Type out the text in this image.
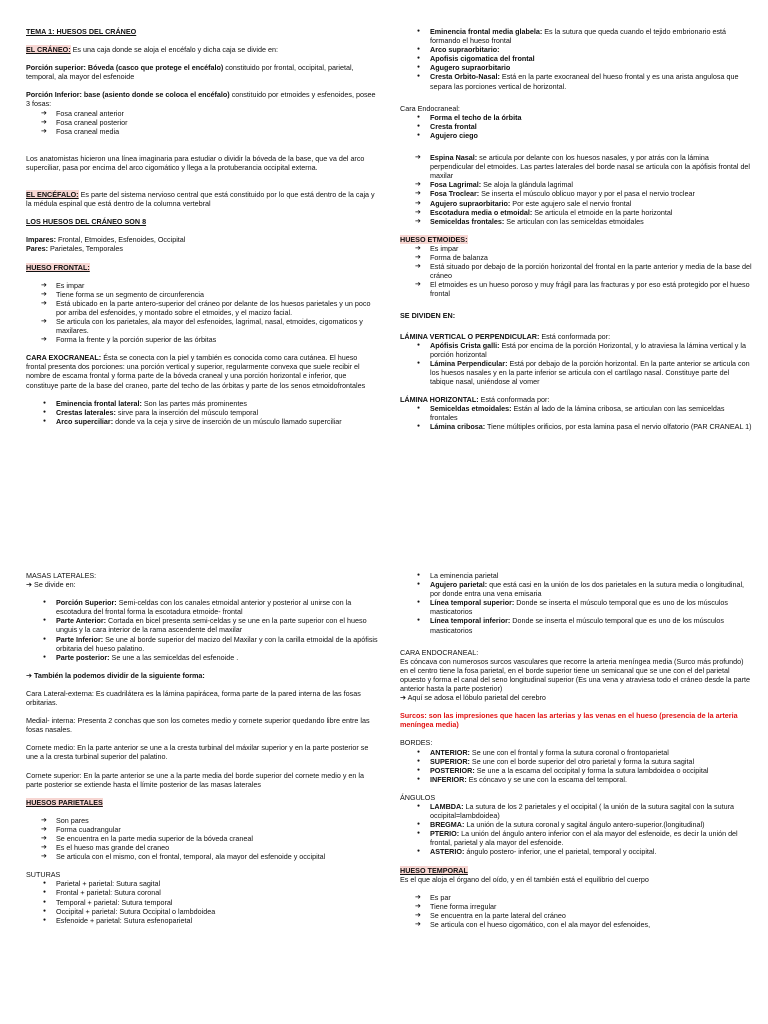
TEMA 1: HUESOS DEL CRÁNEO

EL CRÁNEO: Es una caja donde se aloja el encéfalo y dicha caja se divide en:

Porción superior: Bóveda (casco que protege el encéfalo) constituido por frontal, occipital, parietal, temporal, ala mayor del esfenoide

Porción Inferior: base (asiento donde se coloca el encéfalo) constituido por etmoides y esfenoides, posee 3 fosas:
➔ Fosa craneal anterior
➔ Fosa craneal posterior
➔ Fosa craneal media

Los anatomistas hicieron una línea imaginaria para estudiar o dividir la bóveda de la base, que va del arco superciliar, pasa por encima del arco cigomático y llega a la protuberancia occipital externa.

EL ENCÉFALO: Es parte del sistema nervioso central que está constituido por lo que está dentro de la caja y la médula espinal que está dentro de la columna vertebral

LOS HUESOS DEL CRÁNEO SON 8

Impares: Frontal, Etmoides, Esfenoides, Occipital

Pares: Parietales, Temporales

HUESO FRONTAL:

➔ Es impar
➔ Tiene forma se un segmento de circunferencia
➔ Está ubicado en la parte antero-superior del cráneo por delante de los huesos parietales y un poco por arriba del esfenoides, y montado sobre el etmoides, y el macizo facial.
➔ Se articula con los parietales, ala mayor del esfenoides, lagrimal, nasal, etmoides, cigomaticos y maxilares.
➔ Forma la frente y la porción superior de las órbitas

CARA EXOCRANEAL: Ésta se conecta con la piel y también es conocida como cara cutánea. El hueso frontal presenta dos porciones: una porción vertical y superior, regularmente convexa que suele recibir el nombre de escama frontal y forma parte de la bóveda craneal y una porción horizontal e inferior, que constituye parte de la base del craneo, parte del techo de las órbitas y parte de los senos etmoidofrontales

● Eminencia frontal lateral: Son las partes más prominentes
● Crestas laterales: sirve para la inserción del músculo temporal
● Arco superciliar: donde va la ceja y sirve de inserción de un músculo llamado superciliar
● Eminencia frontal media glabela: Es la sutura que queda cuando el tejido embrionario está formando el hueso frontal
● Arco supraorbitario:
● Apofisis cigomatica del frontal
● Agugero supraorbitario
● Cresta Orbito-Nasal: Está en la parte exocraneal del hueso frontal y es una arista angulosa que separa las porciones vertical de horizontal.
Cara Endocraneal:
● Forma el techo de la órbita
● Cresta frontal
● Agujero ciego
➔ Espina Nasal: se articula por delante con los huesos nasales, y por atrás con la lámina perpendicular del etmoides. Las partes laterales del borde nasal se articula con la apófisis frontal del maxilar
➔ Fosa Lagrimal: Se aloja la glándula lagrimal
➔ Fosa Troclear: Se inserta el músculo oblicuo mayor y por el pasa el nervio troclear
➔ Agujero supraorbitario: Por este agujero sale el nervio frontal
➔ Escotadura media o etmoidal: Se articula el etmoide en la parte horizontal
➔ Semiceldas frontales: Se articulan con las semiceldas etmoidales
HUESO ETMOIDES:
➔ Es impar
➔ Forma de balanza
➔ Está situado por debajo de la porción horizontal del frontal en la parte anterior y media de la base del cráneo
➔ El etmoides es un hueso poroso y muy frágil para las fracturas y por eso está protegido por el hueso frontal

SE DIVIDEN EN:

LÁMINA VERTICAL O PERPENDICULAR: Está conformada por:
● Apófisis Crista galli: Está por encima de la porción Horizontal, y lo atraviesa la lámina vertical y la porción horizontal
● Lámina Perpendicular: Está por debajo de la porción horizontal. En la parte anterior se articula con los huesos nasales y en la parte inferior se articula con el cartílago nasal. Constituye parte del tabique nasal, uniéndose al vomer
LÁMINA HORIZONTAL: Está conformada por:
● Semiceldas etmoidales: Están al lado de la lámina cribosa, se articulan con las semiceldas frontales
● Lámina cribosa: Tiene múltiples orificios, por esta lamina pasa el nervio olfatorio (PAR CRANEAL 1)
MASAS LATERALES:

➔ Se divide en:

● Porción Superior: Semi-celdas con los canales etmoidal anterior y posterior al unirse con la escotadura del frontal forma la escotadura etmoide- frontal
● Parte Anterior: Cortada en bicel presenta semi-celdas y se une en la parte superior con el hueso unguis y la cara interior de la rama ascendente del maxilar
● Parte Inferior: Se une al borde superior del macizo del Maxilar y con la carilla etmoidal de la apófisis orbitaria del hueso palatino.
● Parte posterior: Se une a las semiceldas del esfenoide .

➔ También la podemos dividir de la siguiente forma:

Cara Lateral-externa: Es cuadrilátera es la lámina papirácea, forma parte de la pared interna de las fosas orbitarias.

Medial- interna: Presenta 2 conchas que son los cornetes medio y cornete superior quedando libre entre las fosas nasales.

Cornete medio: En la parte anterior se une a la cresta turbinal del máxilar superior y en la parte posterior se une a la cresta turbinal superior del palatino.

Cornete superior: En la parte anterior se une a la parte media del borde superior del cornete medio y en la parte posterior se extiende hasta el límite posterior de las masas laterales

HUESOS PARIETALES

➔ Son pares
➔ Forma cuadrangular
➔ Se encuentra en la parte media superior de la bóveda craneal
➔ Es el hueso mas grande del craneo
➔ Se articula con el mismo, con el frontal, temporal, ala mayor del esfenoide y occipital
SUTURAS
● Parietal + parietal: Sutura sagital
● Frontal + parietal: Sutura coronal
● Temporal + parietal: Sutura temporal
● Occipital + parietal: Sutura Occipital o lambdoidea
● Esfenoide + parietal: Sutura esfenoparietal
● La eminencia parietal
● Agujero parietal: que está casi en la unión de los dos parietales en la sutura media o longitudinal, por donde entra una vena emisaria
● Línea temporal superior: Donde se inserta el músculo temporal que es uno de los músculos masticatorios
● Línea temporal inferior: Donde se inserta el músculo temporal que es uno de los músculos masticatorios
CARA ENDOCRANEAL:
Es cóncava con numerosos surcos vasculares que recorre la arteria meníngea media (Surco más profundo) en el centro tiene la fosa parietal, en el borde superior tiene un semicanal que se une con el del parietal opuesto y forma el canal del seno longitudinal superior (Es una vena y atraviesa todo el cráneo desde la parte anterior hasta la parte posterior)

➔ Aquí se adosa el lóbulo parietal del cerebro

Surcos: son las impresiones que hacen las arterias y las venas en el hueso (presencia de la arteria meníngea media)

BORDES:
● ANTERIOR: Se une con el frontal y forma la sutura coronal o frontoparietal
● SUPERIOR: Se une con el borde superior del otro parietal y forma la sutura sagital
● POSTERIOR: Se une a la escama del occipital y forma la sutura lambdoidea o occipital
● INFERIOR: Es cóncavo y se une con la escama del temporal.
ÁNGULOS
● LAMBDA: La sutura de los 2 parietales y el occipital ( la unión de la sutura sagital con la sutura occipital=lambdoidea)
● BREGMA: La unión de la sutura coronal y sagital ángulo antero-superior.(longitudinal)
● PTERIO: La unión del ángulo antero inferior con el ala mayor del esfenoide, es decir la unión del frontal, parietal y ala mayor del esfenoide.
● ASTERIO: ángulo postero- inferior, une el parietal, temporal y occipital.
HUESO TEMPORAL

Es el que aloja el órgano del oído, y en él también está el equilibrio del cuerpo

➔ Es par
➔ Tiene forma irregular
➔ Se encuentra en la parte lateral del cráneo
➔ Se articula con el hueso cigomático, con el ala mayor del esfenoides,
